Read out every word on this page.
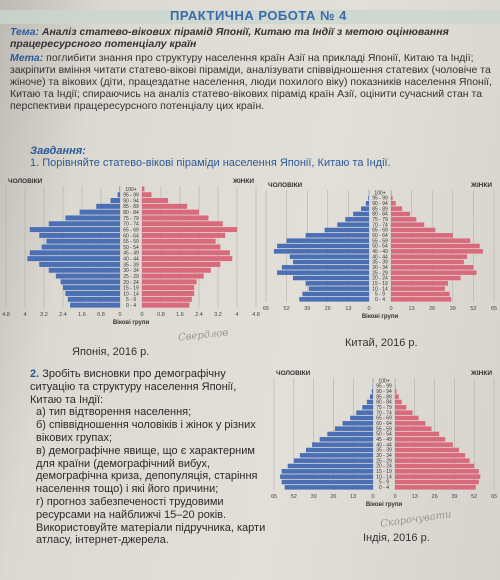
ПРАКТИЧНА РОБОТА № 4
Тема: Аналіз статево-вікових пірамід Японії, Китаю та Індії з метою оцінювання працересурсного потенціалу країн
Мета: поглибити знання про структуру населення країн Азії на прикладі Японії, Китаю та Індії; закріпити вміння читати статево-вікові піраміди, аналізувати співвідношення статевих (чоловіче та жіноче) та вікових (діти, працездатне населення, люди похилого віку) показників населення Японії, Китаю та Індії; спираючись на аналіз статево-вікових пірамід країн Азії, оцінити сучасний стан та перспективи працересурсного потенціалу цих країн.
Завдання:
1. Порівняйте статево-вікові піраміди населення Японії, Китаю та Індії.
ЧОЛОВІКИ	ЖІНКИ
100+
95 - 99
90 - 94
85 - 89
80 - 84
75 - 79
70 - 74
65 - 69
60 - 64
55 - 59
50 - 54
45 - 49
40 - 44
35 - 39
30 - 34
25 - 29
20 - 24
15 - 19
10 - 14
5 - 9
0 - 4
4.8 4 3.2 2.4 1.6 0.8 0	0 0.8 1.6 2.4 3.2 4 4.8
Вікові групи
Японія, 2016 р.
ЧОЛОВІКИ	ЖІНКИ
100+
95 - 99
90 - 94
85 - 89
80 - 84
75 - 79
70 - 74
65 - 69
60 - 64
55 - 59
50 - 54
45 - 49
40 - 44
35 - 39
30 - 34
25 - 29
20 - 24
15 - 19
10 - 14
5 - 9
0 - 4
65	52	39	26	13	0	0	13	26	39	52	65
Вікові групи
Китай, 2016 р.

2. Зробіть висновки про демографічну ситуацію та структуру населення Японії, Китаю та Індії:

а) тип відтворення населення;

б) співвідношення чоловіків і жінок у різних вікових групах;

в) демографічне явище, що є характерним для країни (демографічний вибух, демографічна криза, депопуляція, старіння населення тощо) і які його причини;

г) прогноз забезпеченості трудовими ресурсами на найближчі 15–20 років.

Використовуйте матеріали підручника, карти атласу, інтернет-джерела.

ЧОЛОВІКИ	ЖІНКИ
100+
95 - 99
90 - 94
85 - 89
80 - 84
75 - 79
70 - 74
65 - 69
60 - 64
55 - 59
50 - 54
45 - 49
40 - 44
35 - 39
30 - 34
25 - 29
20 - 24
15 - 19
10 - 14
5 - 9
0 - 4
65 52 39 26 13	0	0	13 26 39 52 65
Вікові групи
Індія, 2016 р.
Свердлов
Скорочувати
